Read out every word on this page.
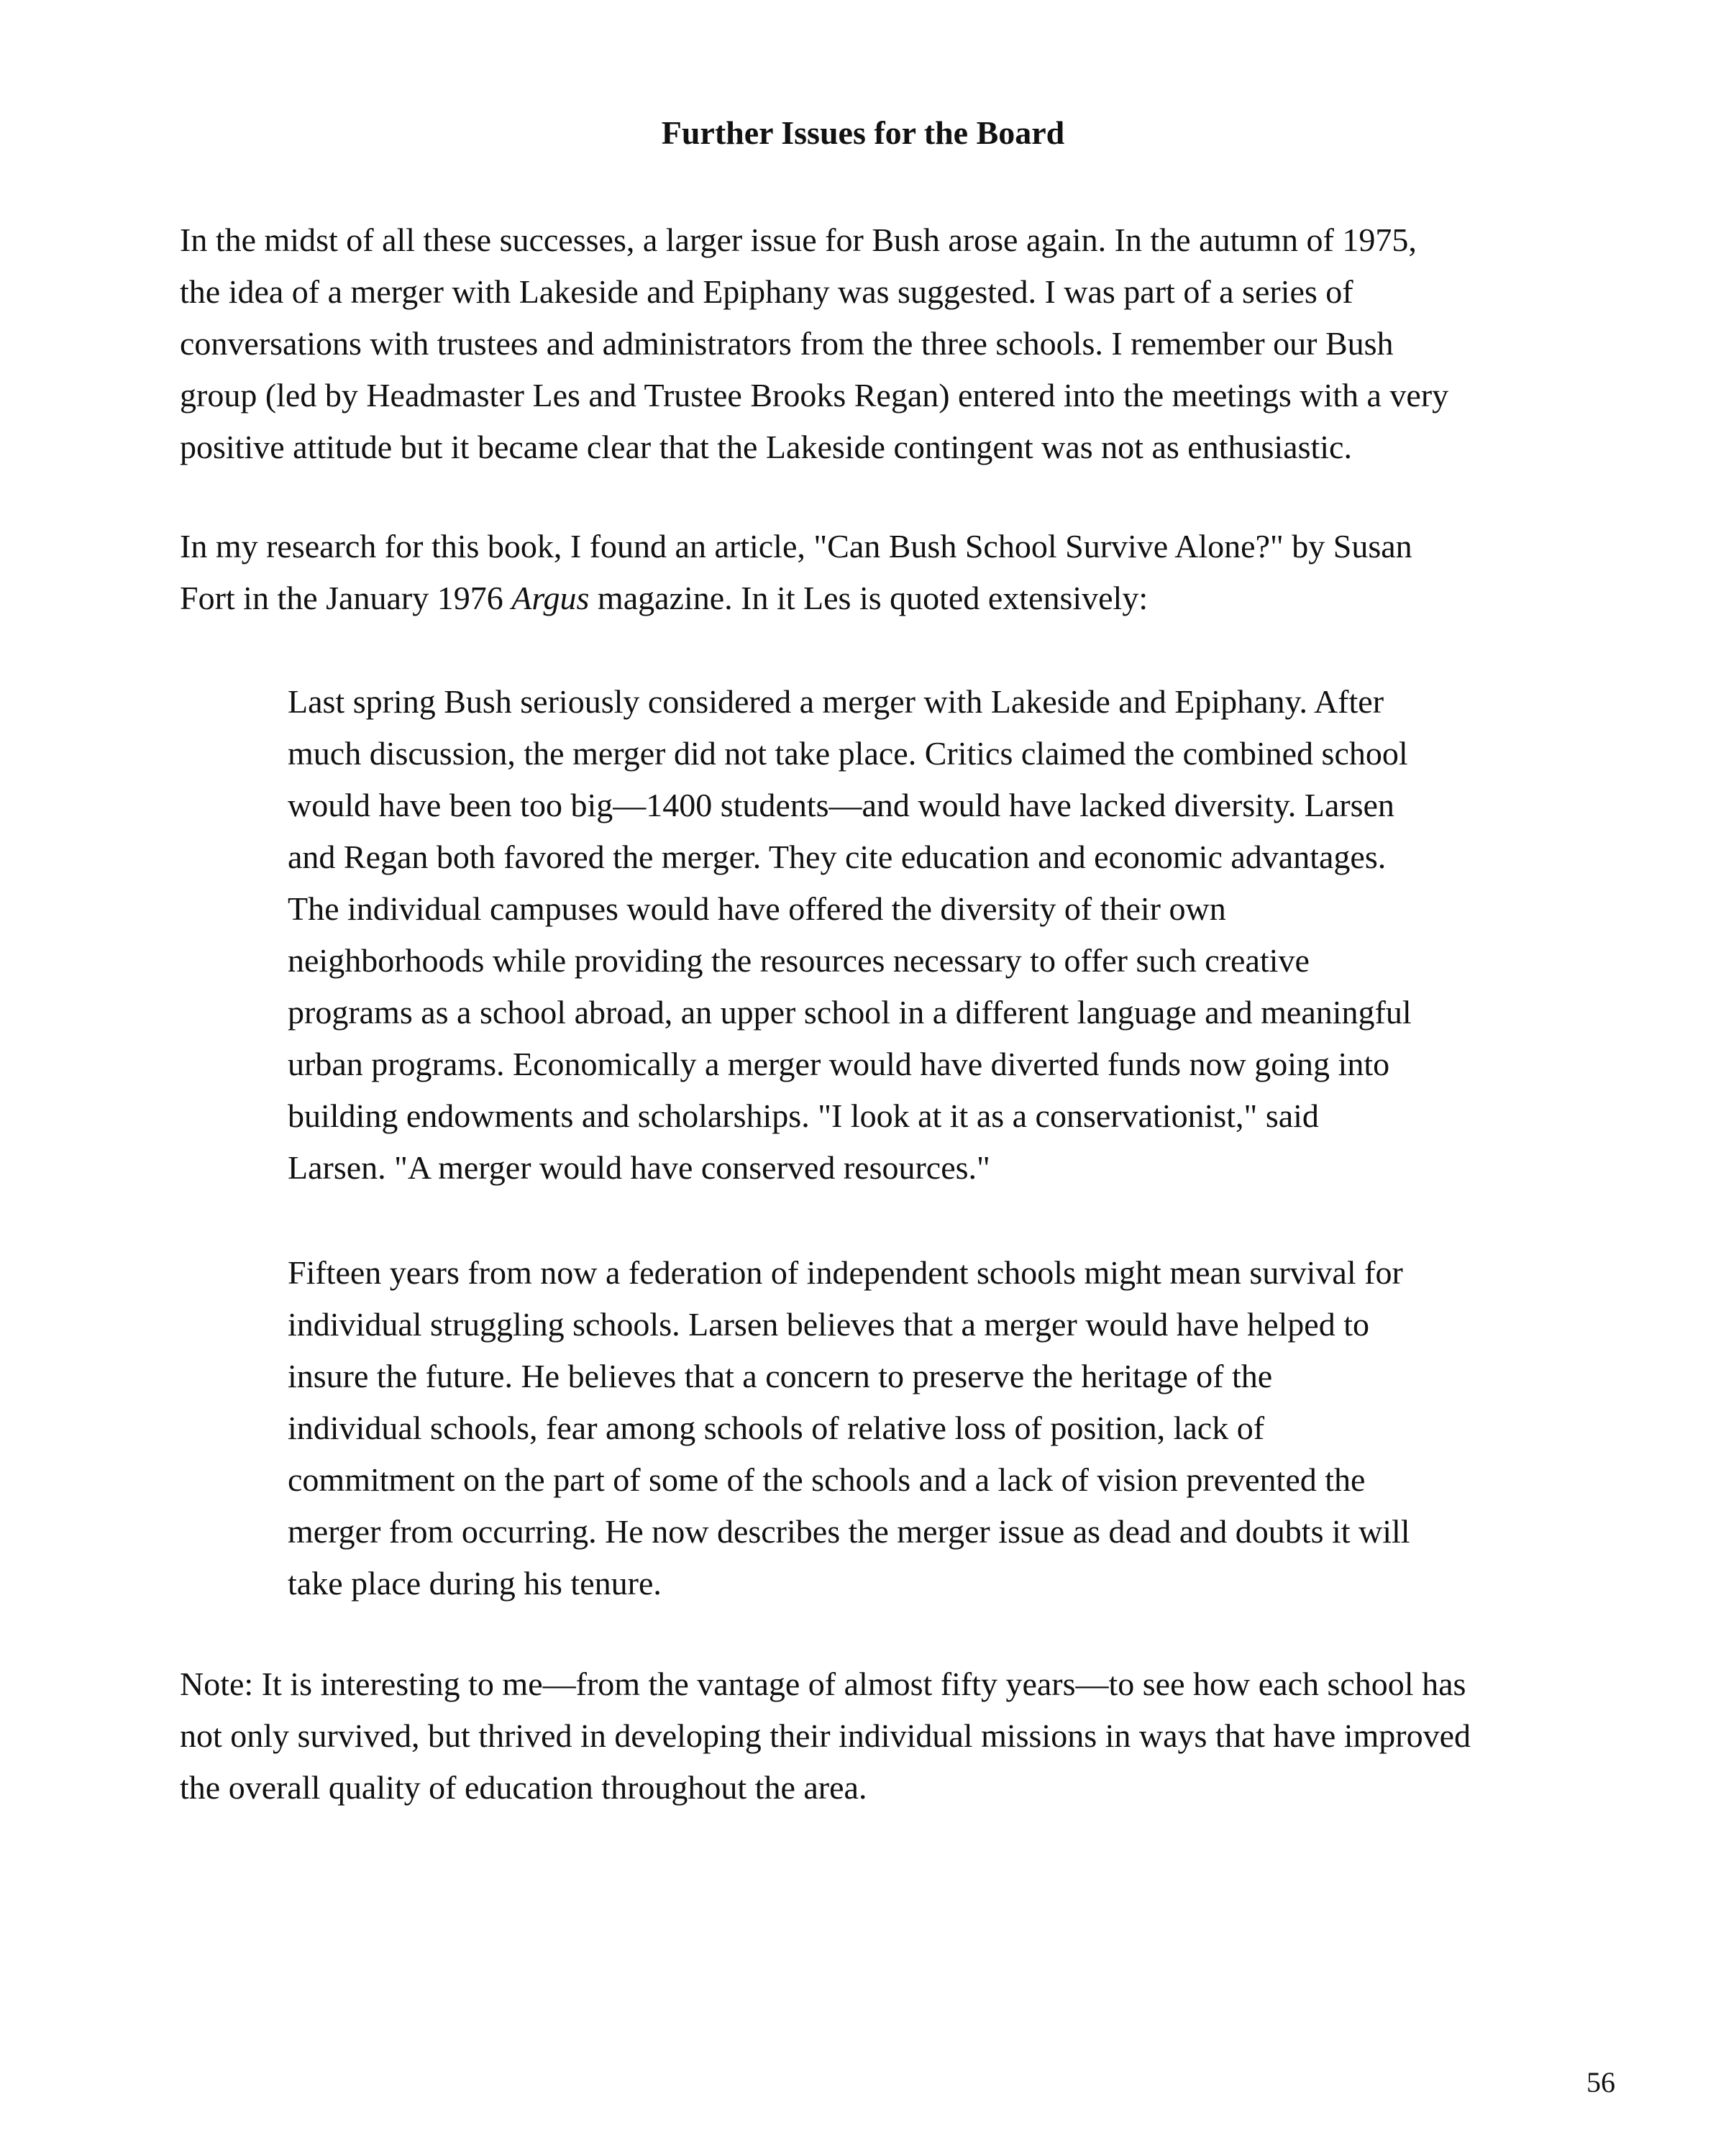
Further Issues for the Board

In the midst of all these successes, a larger issue for Bush arose again. In the autumn of 1975,
the idea of a merger with Lakeside and Epiphany was suggested. I was part of a series of
conversations with trustees and administrators from the three schools. I remember our Bush
group (led by Headmaster Les and Trustee Brooks Regan) entered into the meetings with a very
positive attitude but it became clear that the Lakeside contingent was not as enthusiastic.

In my research for this book, I found an article, "Can Bush School Survive Alone?" by Susan
Fort in the January 1976 Argus magazine. In it Les is quoted extensively:

Last spring Bush seriously considered a merger with Lakeside and Epiphany. After
much discussion, the merger did not take place. Critics claimed the combined school
would have been too big—1400 students—and would have lacked diversity. Larsen
and Regan both favored the merger. They cite education and economic advantages.
The individual campuses would have offered the diversity of their own
neighborhoods while providing the resources necessary to offer such creative
programs as a school abroad, an upper school in a different language and meaningful
urban programs. Economically a merger would have diverted funds now going into
building endowments and scholarships. "I look at it as a conservationist," said
Larsen. "A merger would have conserved resources."

Fifteen years from now a federation of independent schools might mean survival for
individual struggling schools. Larsen believes that a merger would have helped to
insure the future. He believes that a concern to preserve the heritage of the
individual schools, fear among schools of relative loss of position, lack of
commitment on the part of some of the schools and a lack of vision prevented the
merger from occurring. He now describes the merger issue as dead and doubts it will
take place during his tenure.

Note: It is interesting to me—from the vantage of almost fifty years—to see how each school has
not only survived, but thrived in developing their individual missions in ways that have improved
the overall quality of education throughout the area.

56
